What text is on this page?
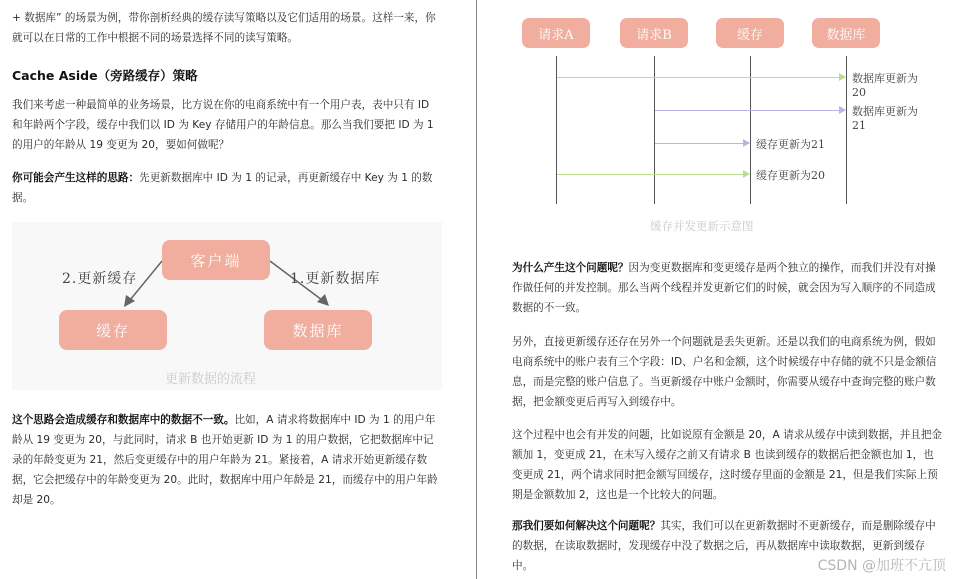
+ 数据库” 的场景为例，带你剖析经典的缓存读写策略以及它们适用的场景。这样一来，你就可以在日常的工作中根据不同的场景选择不同的读写策略。
Cache Aside（旁路缓存）策略
我们来考虑一种最简单的业务场景，比方说在你的电商系统中有一个用户表，表中只有 ID 和年龄两个字段，缓存中我们以 ID 为 Key 存储用户的年龄信息。那么当我们要把 ID 为 1 的用户的年龄从 19 变更为 20，要如何做呢？
你可能会产生这样的思路：先更新数据库中 ID 为 1 的记录，再更新缓存中 Key 为 1 的数据。
客户端
缓存	数据库
2.更新缓存	1.更新数据库
更新数据的流程
这个思路会造成缓存和数据库中的数据不一致。比如，A 请求将数据库中 ID 为 1 的用户年龄从 19 变更为 20，与此同时，请求 B 也开始更新 ID 为 1 的用户数据，它把数据库中记录的年龄变更为 21，然后变更缓存中的用户年龄为 21。紧接着，A 请求开始更新缓存数据，它会把缓存中的年龄变更为 20。此时，数据库中用户年龄是 21，而缓存中的用户年龄却是 20。
请求A	请求B	缓存	数据库
数据库更新为20
数据库更新为21
缓存更新为21
缓存更新为20
缓存并发更新示意图
为什么产生这个问题呢？因为变更数据库和变更缓存是两个独立的操作，而我们并没有对操作做任何的并发控制。那么当两个线程并发更新它们的时候，就会因为写入顺序的不同造成数据的不一致。
另外，直接更新缓存还存在另外一个问题就是丢失更新。还是以我们的电商系统为例，假如电商系统中的账户表有三个字段：ID、户名和金额，这个时候缓存中存储的就不只是金额信息，而是完整的账户信息了。当更新缓存中账户金额时，你需要从缓存中查询完整的账户数据，把金额变更后再写入到缓存中。
这个过程中也会有并发的问题，比如说原有金额是 20，A 请求从缓存中读到数据，并且把金额加 1，变更成 21，在未写入缓存之前又有请求 B 也读到缓存的数据后把金额也加 1，也变更成 21，两个请求同时把金额写回缓存，这时缓存里面的金额是 21，但是我们实际上预期是金额数加 2，这也是一个比较大的问题。
那我们要如何解决这个问题呢？其实，我们可以在更新数据时不更新缓存，而是删除缓存中的数据，在读取数据时，发现缓存中没了数据之后，再从数据库中读取数据，更新到缓存中。	CSDN @加班不亢顶
